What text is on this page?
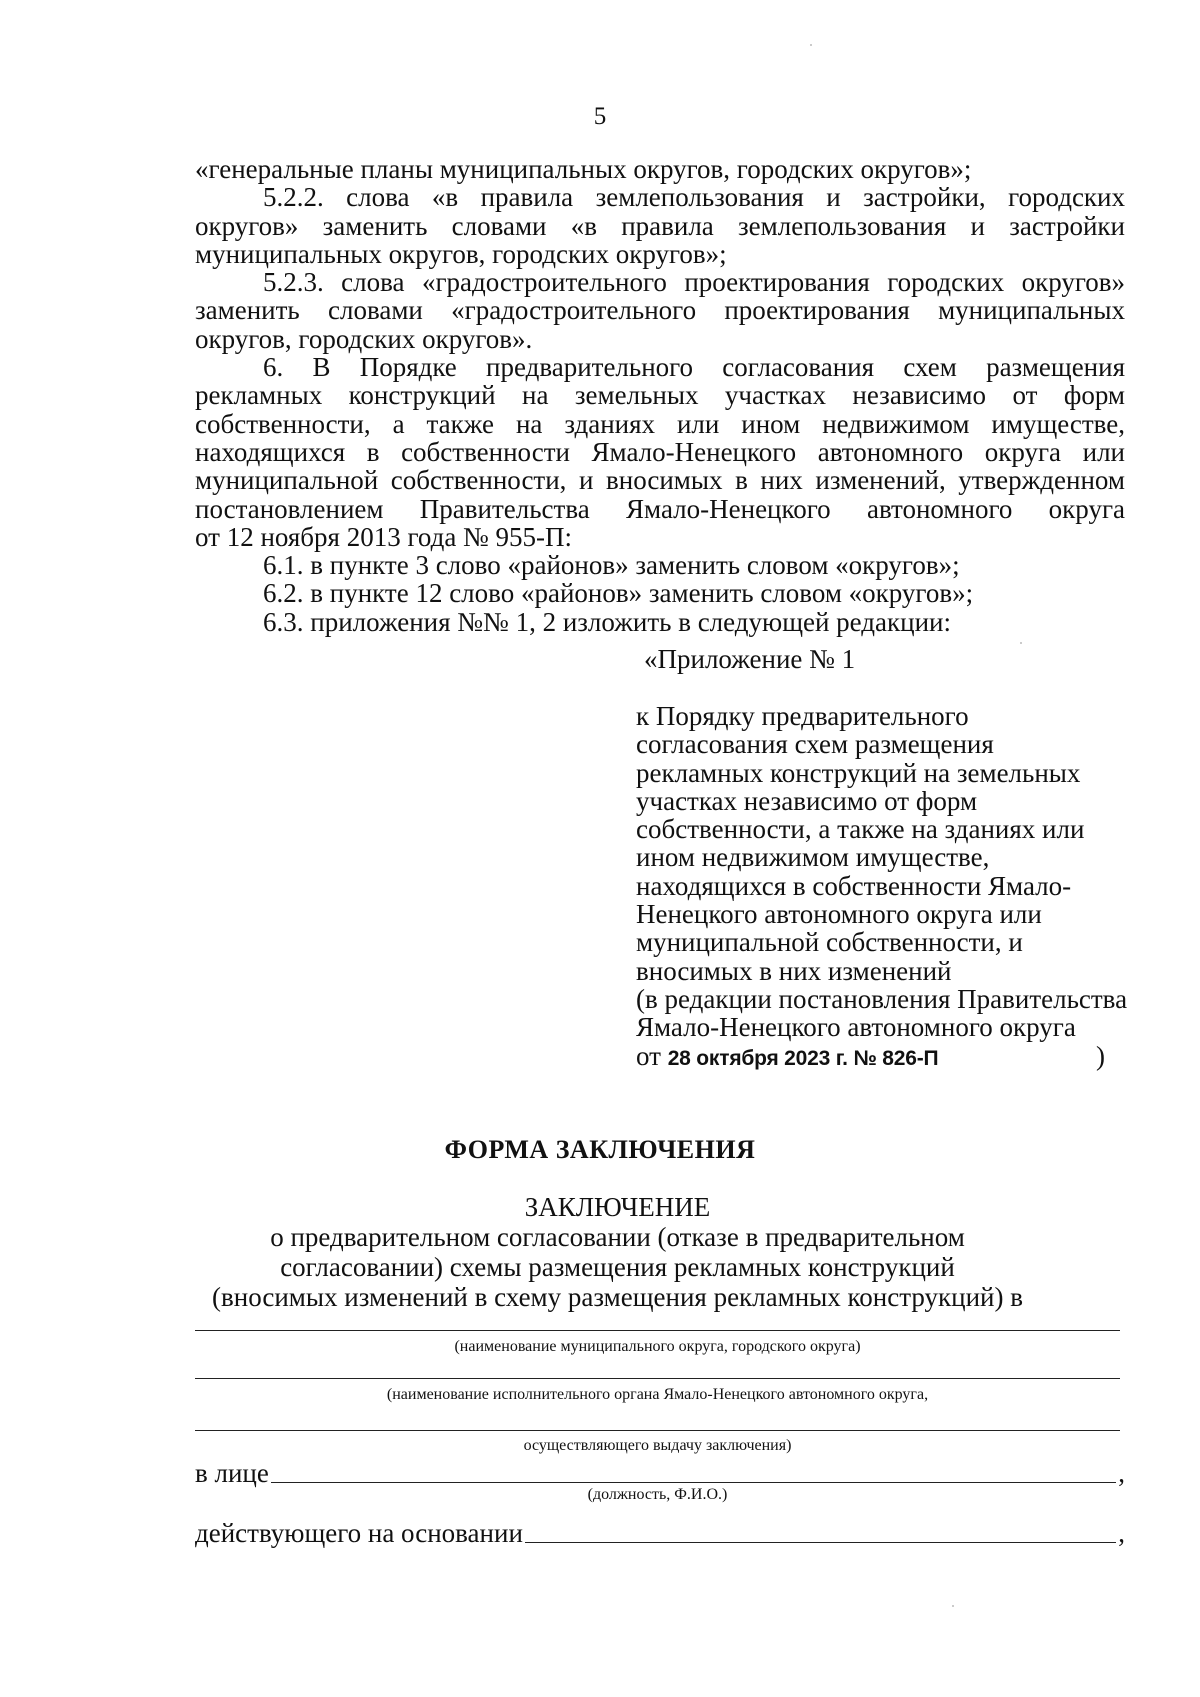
5

«генеральные планы муниципальных округов, городских округов»;

5.2.2. слова «в правила землепользования и застройки, городских

округов» заменить словами «в правила землепользования и застройки

муниципальных округов, городских округов»;

5.2.3. слова «градостроительного проектирования городских округов»

заменить словами «градостроительного проектирования муниципальных

округов, городских округов».

6. В Порядке предварительного согласования схем размещения

рекламных конструкций на земельных участках независимо от форм

собственности, а также на зданиях или ином недвижимом имуществе,

находящихся в собственности Ямало-Ненецкого автономного округа или

муниципальной собственности, и вносимых в них изменений, утвержденном

постановлением Правительства Ямало-Ненецкого автономного округа

от 12 ноября 2013 года № 955-П:

6.1. в пункте 3 слово «районов» заменить словом «округов»;

6.2. в пункте 12 слово «районов» заменить словом «округов»;

6.3. приложения №№ 1, 2 изложить в следующей редакции:

«Приложение № 1
к Порядку предварительного
согласования схем размещения
рекламных конструкций на земельных
участках независимо от форм
собственности, а также на зданиях или
ином недвижимом имуществе,
находящихся в собственности Ямало-
Ненецкого автономного округа или
муниципальной собственности, и
вносимых в них изменений
(в редакции постановления Правительства
Ямало-Ненецкого автономного округа
от 28 октября 2023 г. № 826-П	)
ФОРМА ЗАКЛЮЧЕНИЯ
ЗАКЛЮЧЕНИЕ
о предварительном согласовании (отказе в предварительном
согласовании) схемы размещения рекламных конструкций
(вносимых изменений в схему размещения рекламных конструкций) в
(наименование муниципального округа, городского округа)
(наименование исполнительного органа Ямало-Ненецкого автономного округа,
осуществляющего выдачу заключения)
в лице	,
(должность, Ф.И.О.)
действующего на основании	,
